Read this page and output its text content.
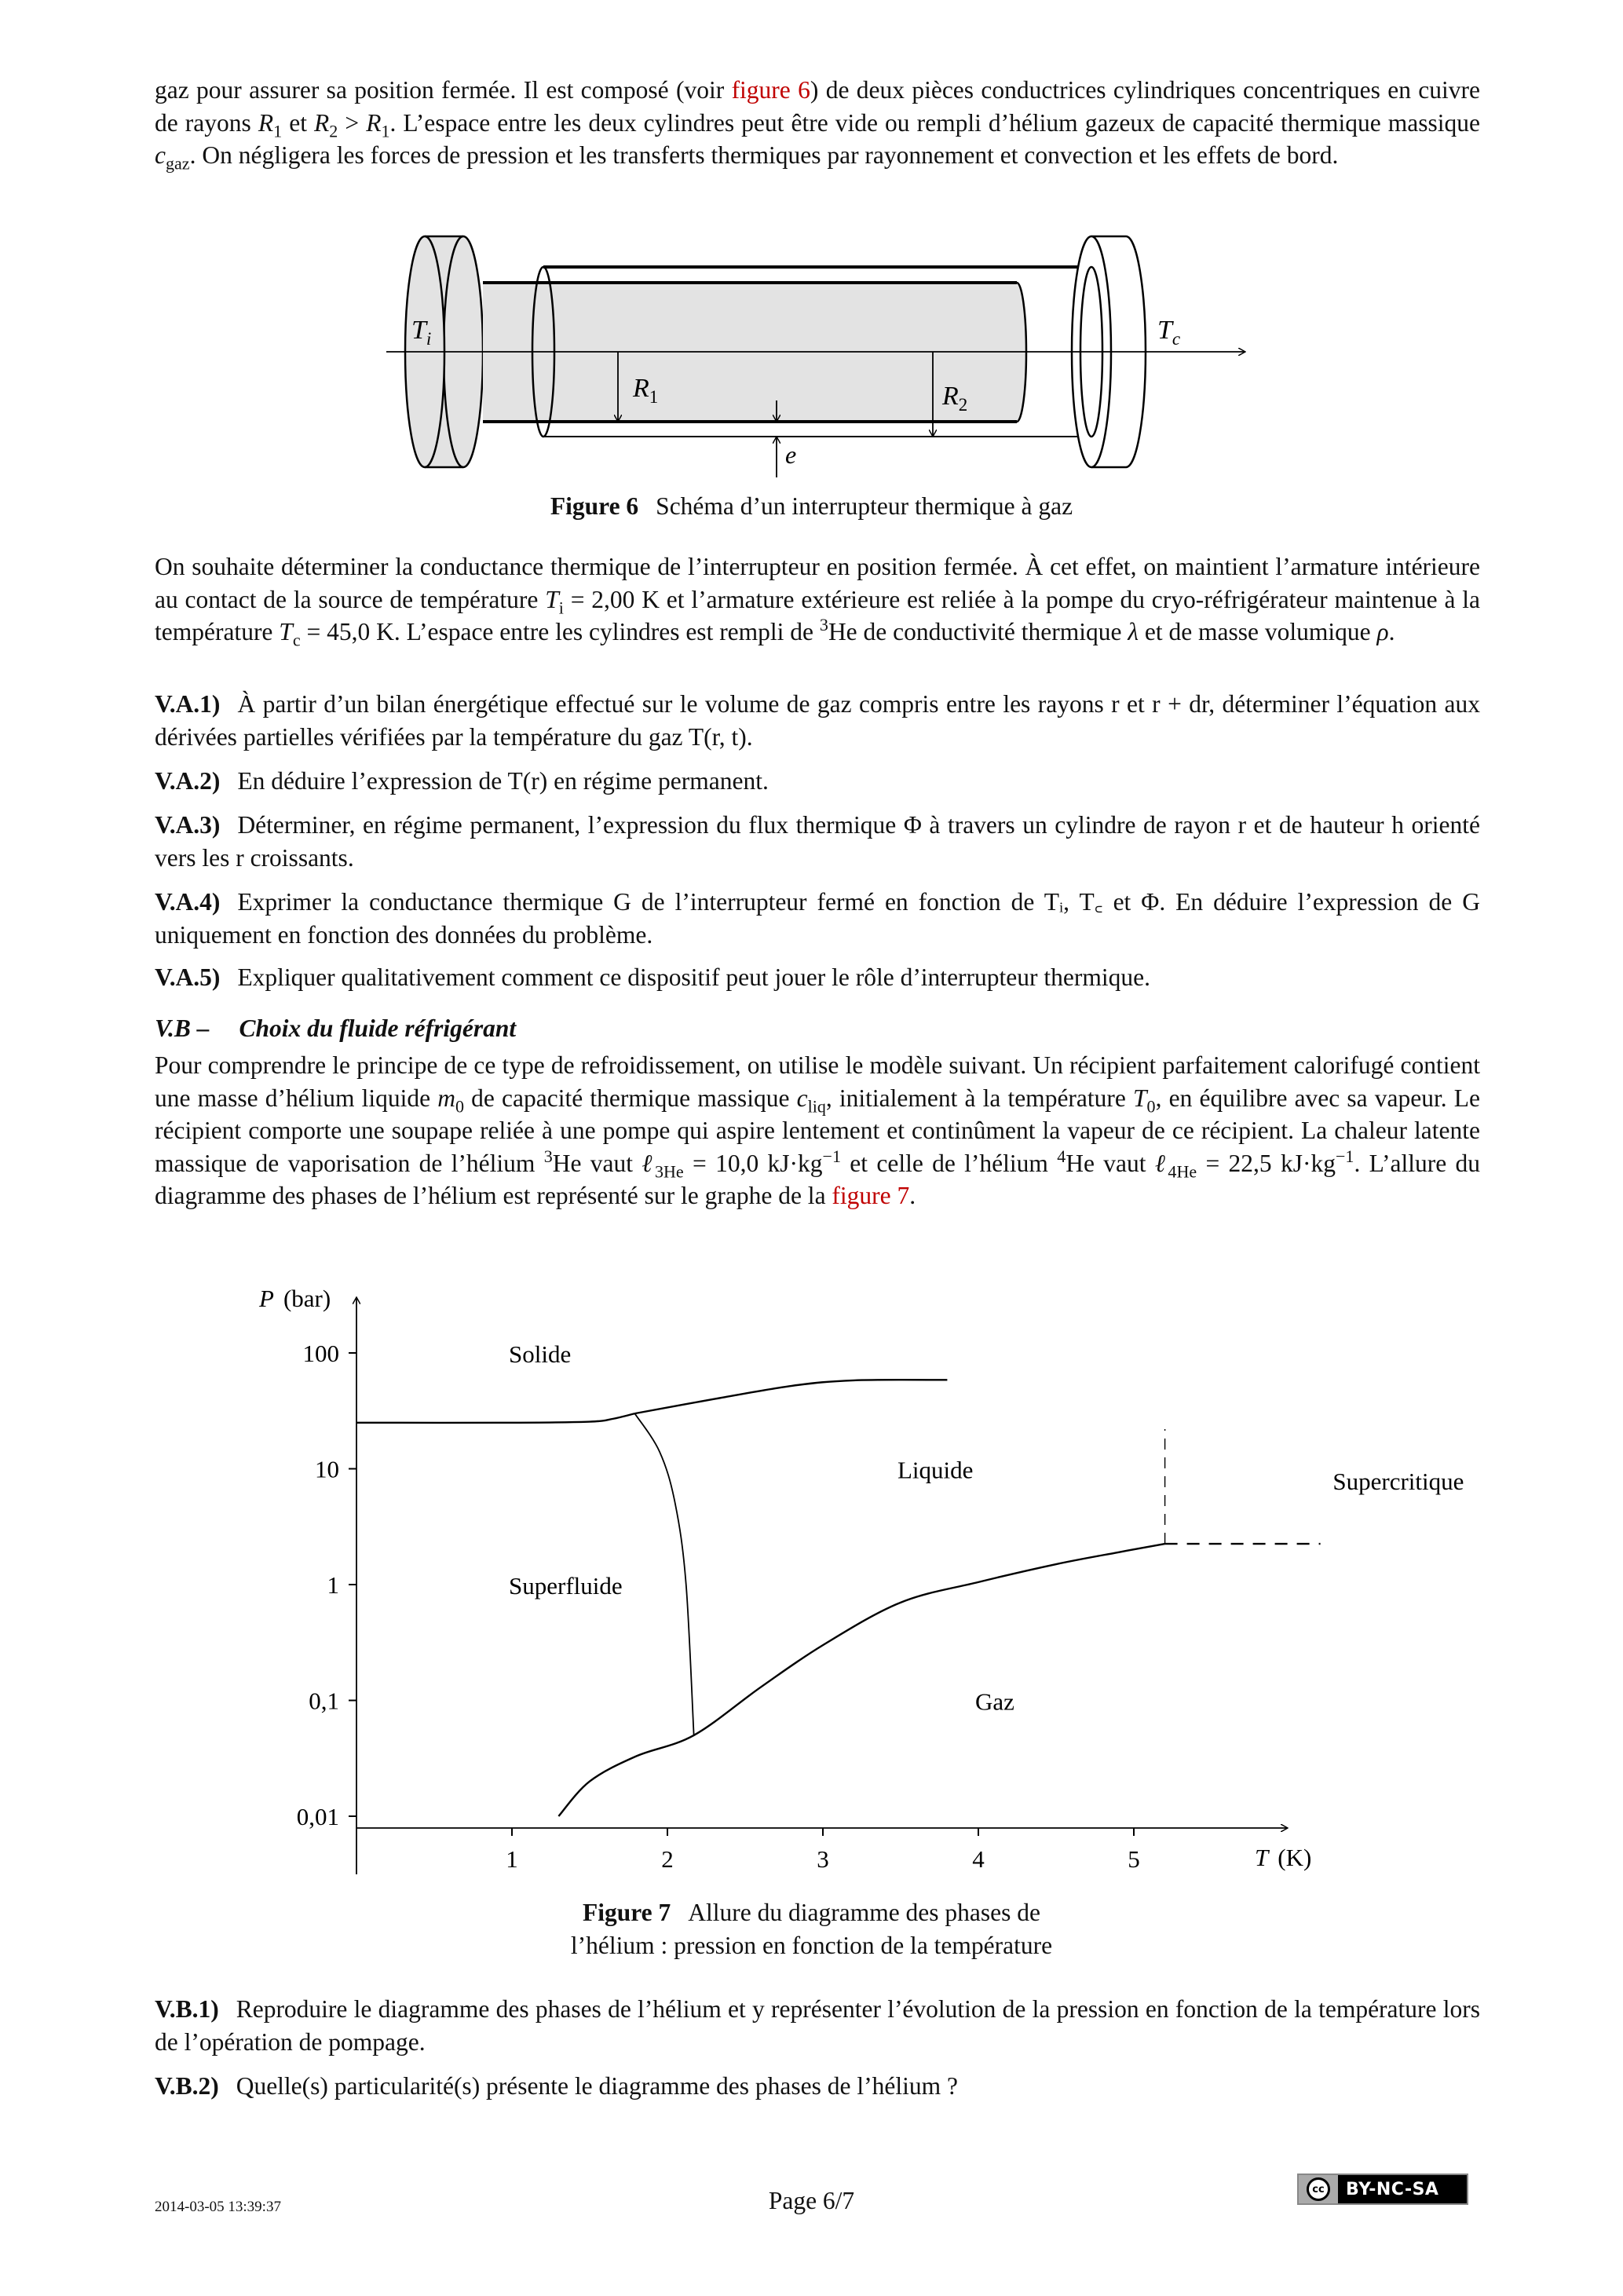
gaz pour assurer sa position fermée. Il est composé (voir figure 6) de deux pièces conductrices cylindriques concentriques en cuivre de rayons $R_1$ et $R_2 > R_1$. L’espace entre les deux cylindres peut être vide ou rempli d’hélium gazeux de capacité thermique massique $c_{gaz}$. On négligera les forces de pression et les transferts thermiques par rayonnement et convection et les effets de bord.

$T_i$	$T_c$
$R_1$	$R_2$
e
Figure 6 Schéma d’un interrupteur thermique à gaz

On souhaite déterminer la conductance thermique de l’interrupteur en position fermée. À cet effet, on maintient l’armature intérieure au contact de la source de température $T_i = 2,00$ K et l’armature extérieure est reliée à la pompe du cryo-réfrigérateur maintenue à la température $T_c = 45,0$ K. L’espace entre les cylindres est rempli de $^3$He de conductivité thermique λ et de masse volumique ρ.

V.A.1) À partir d’un bilan énergétique effectué sur le volume de gaz compris entre les rayons r et r + dr, déterminer l’équation aux dérivées partielles vérifiées par la température du gaz T(r, t).

V.A.2) En déduire l’expression de T(r) en régime permanent.

V.A.3) Déterminer, en régime permanent, l’expression du flux thermique Φ à travers un cylindre de rayon r et de hauteur h orienté vers les r croissants.

V.A.4) Exprimer la conductance thermique G de l’interrupteur fermé en fonction de Tᵢ, T꜀ et Φ. En déduire l’expression de G uniquement en fonction des données du problème.

V.A.5) Expliquer qualitativement comment ce dispositif peut jouer le rôle d’interrupteur thermique.

V.B – Choix du fluide réfrigérant

Pour comprendre le principe de ce type de refroidissement, on utilise le modèle suivant. Un récipient parfaitement calorifugé contient une masse d’hélium liquide $m_0$ de capacité thermique massique $c_{liq}$, initialement à la température $T_0$, en équilibre avec sa vapeur. Le récipient comporte une soupape reliée à une pompe qui aspire lentement et continûment la vapeur de ce récipient. La chaleur latente massique de vaporisation de l’hélium $^3$He vaut ℓ$_{3He}$ = 10,0 $kJ\cdot kg^{-1}$ et celle de l’hélium $^4$He vaut ℓ$_{4He}$ = 22,5 $kJ\cdot kg^{-1}$. L’allure du diagramme des phases de l’hélium est représenté sur le graphe de la figure 7.

1	2	3	4	5
100
10
1
0,1
0,01
Solide
Liquide	Supercritique
Superfluide
Gaz
P (bar)
T (K)
Figure 7 Allure du diagramme des phases de
l’hélium : pression en fonction de la température

V.B.1) Reproduire le diagramme des phases de l’hélium et y représenter l’évolution de la pression en fonction de la température lors de l’opération de pompage.

V.B.2) Quelle(s) particularité(s) présente le diagramme des phases de l’hélium ?

2014-03-05 13:39:37	Page 6/7	cc	BY-NC-SA
